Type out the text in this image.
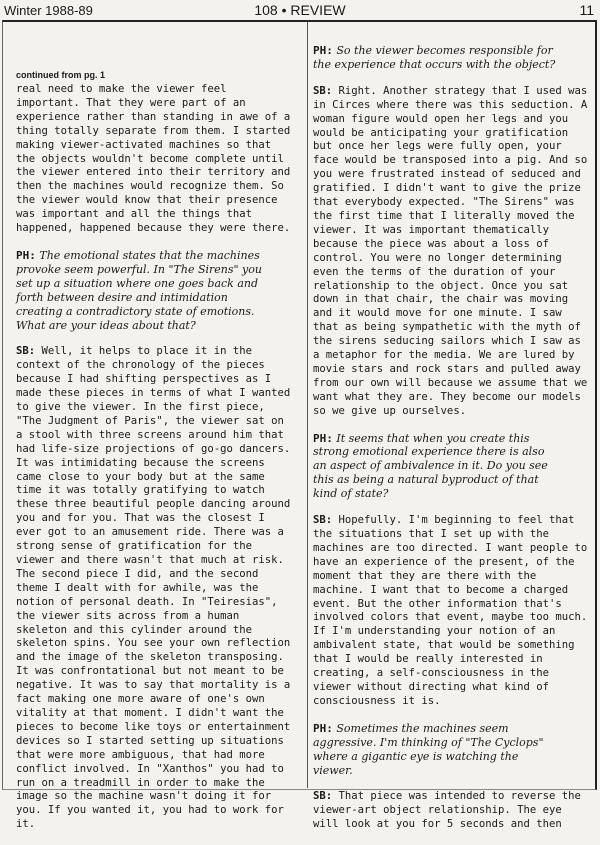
Winter 1988-89	108 • REVIEW	11
continued from pg. 1

real need to make the viewer feel
important. That they were part of an
experience rather than standing in awe of a
thing totally separate from them. I started
making viewer-activated machines so that
the objects wouldn't become complete until
the viewer entered into their territory and
then the machines would recognize them. So
the viewer would know that their presence
was important and all the things that
happened, happened because they were there.

PH: The emotional states that the machines
provoke seem powerful. In "The Sirens" you
set up a situation where one goes back and
forth between desire and intimidation
creating a contradictory state of emotions.
What are your ideas about that?

SB: Well, it helps to place it in the
context of the chronology of the pieces
because I had shifting perspectives as I
made these pieces in terms of what I wanted
to give the viewer. In the first piece,
"The Judgment of Paris", the viewer sat on
a stool with three screens around him that
had life-size projections of go-go dancers.
It was intimidating because the screens
came close to your body but at the same
time it was totally gratifying to watch
these three beautiful people dancing around
you and for you. That was the closest I
ever got to an amusement ride. There was a
strong sense of gratification for the
viewer and there wasn't that much at risk.
The second piece I did, and the second
theme I dealt with for awhile, was the
notion of personal death. In "Teiresias",
the viewer sits across from a human
skeleton and this cylinder around the
skeleton spins. You see your own reflection
and the image of the skeleton transposing.
It was confrontational but not meant to be
negative. It was to say that mortality is a
fact making one more aware of one's own
vitality at that moment. I didn't want the
pieces to become like toys or entertainment
devices so I started setting up situations
that were more ambiguous, that had more
conflict involved. In "Xanthos" you had to
run on a treadmill in order to make the
image so the machine wasn't doing it for
you. If you wanted it, you had to work for
it.

PH: So the viewer becomes responsible for
the experience that occurs with the object?

SB: Right. Another strategy that I used was
in Circes where there was this seduction. A
woman figure would open her legs and you
would be anticipating your gratification
but once her legs were fully open, your
face would be transposed into a pig. And so
you were frustrated instead of seduced and
gratified. I didn't want to give the prize
that everybody expected. "The Sirens" was
the first time that I literally moved the
viewer. It was important thematically
because the piece was about a loss of
control. You were no longer determining
even the terms of the duration of your
relationship to the object. Once you sat
down in that chair, the chair was moving
and it would move for one minute. I saw
that as being sympathetic with the myth of
the sirens seducing sailors which I saw as
a metaphor for the media. We are lured by
movie stars and rock stars and pulled away
from our own will because we assume that we
want what they are. They become our models
so we give up ourselves.

PH: It seems that when you create this
strong emotional experience there is also
an aspect of ambivalence in it. Do you see
this as being a natural byproduct of that
kind of state?

SB: Hopefully. I'm beginning to feel that
the situations that I set up with the
machines are too directed. I want people to
have an experience of the present, of the
moment that they are there with the
machine. I want that to become a charged
event. But the other information that's
involved colors that event, maybe too much.
If I'm understanding your notion of an
ambivalent state, that would be something
that I would be really interested in
creating, a self-consciousness in the
viewer without directing what kind of
consciousness it is.

PH: Sometimes the machines seem
aggressive. I'm thinking of "The Cyclops"
where a gigantic eye is watching the
viewer.

SB: That piece was intended to reverse the
viewer-art object relationship. The eye
will look at you for 5 seconds and then
